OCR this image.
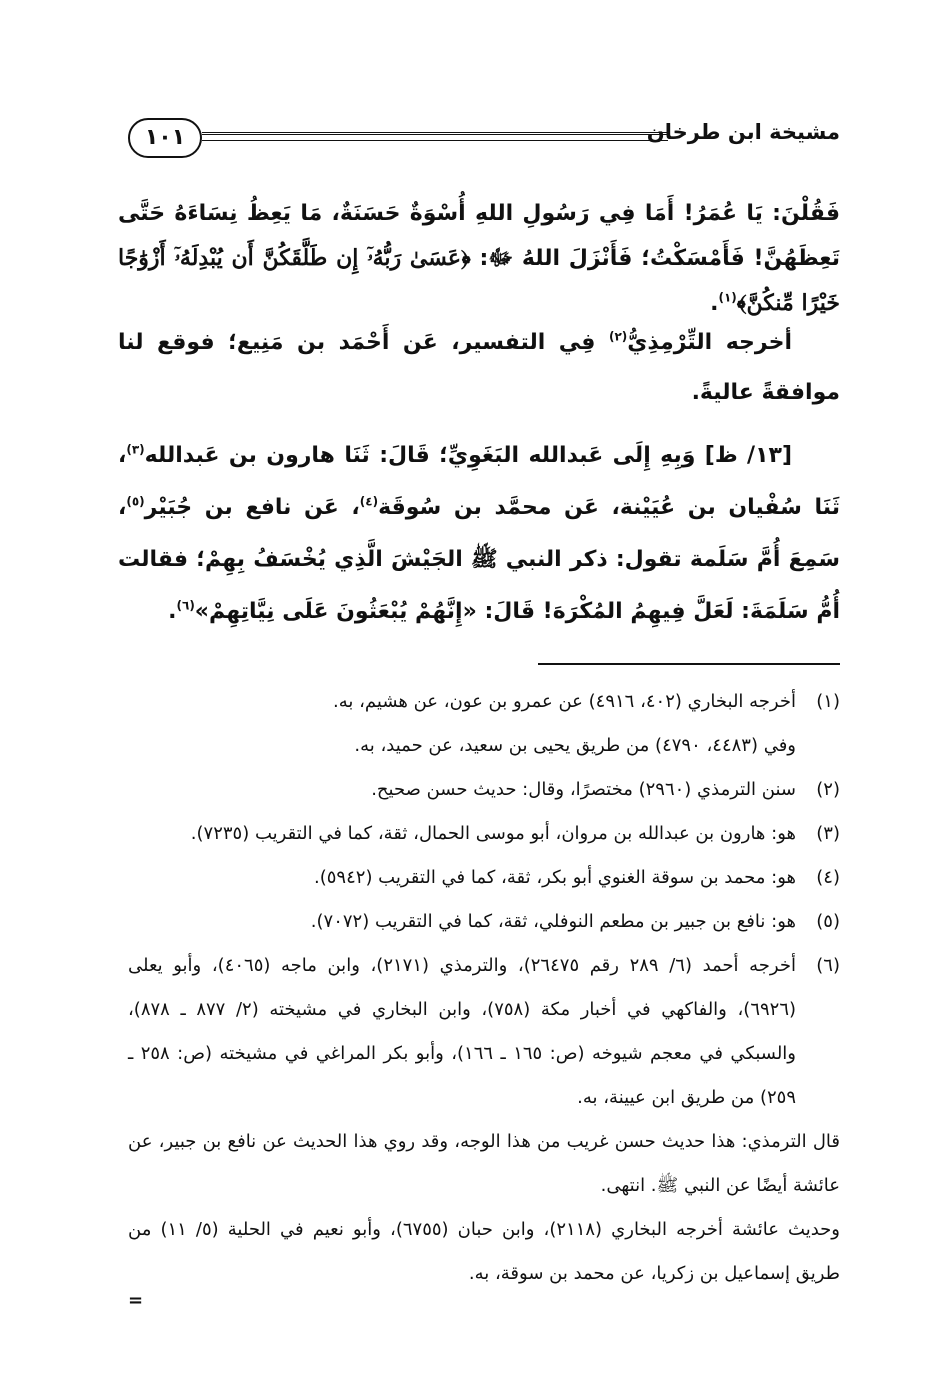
مشيخة ابن طرخان
١٠١

فَقُلْنَ: يَا عُمَرُ! أَمَا فِي رَسُولِ اللهِ أُسْوَةٌ حَسَنَةٌ، مَا يَعِظُ نِسَاءَهُ حَتَّى تَعِظَهُنَّ! فَأَمْسَكْتُ؛ فَأَنْزَلَ اللهُ ﷻ: ﴿عَسَىٰ رَبُّهُۥٓ إِن طَلَّقَكُنَّ أَن يُبْدِلَهُۥٓ أَزْوَٰجًا خَيْرًا مِّنكُنَّ﴾$^{(١)}$.

أخرجه التِّرْمِذِيُّ$^{(٢)}$ فِي التفسير، عَن أَحْمَد بن مَنِيع؛ فوقع لنا موافقةً عاليةً.

[١٣/ ظ] وَبِهِ إِلَى عَبدالله البَغَوِيِّ؛ قَالَ: ثَنَا هارون بن عَبدالله$^{(٣)}$، ثَنَا سُفْيان بن عُيَيْنة، عَن محمَّد بن سُوقَة$^{(٤)}$، عَن نافع بن جُبَيْر$^{(٥)}$، سَمِعَ أُمَّ سَلَمة تقول: ذكر النبي ﷺ الجَيْشَ الَّذِي يُخْسَفُ بِهِمْ؛ فقالت أُمُّ سَلَمَةَ: لَعَلَّ فِيهِمُ المُكْرَهَ! قَالَ: «إِنَّهُمْ يُبْعَثُونَ عَلَى نِيَّاتِهِمْ»$^{(٦)}$.

(١)
أخرجه البخاري (٤٠٢، ٤٩١٦) عن عمرو بن عون، عن هشيم، به.
وفي (٤٤٨٣، ٤٧٩٠) من طريق يحيى بن سعيد، عن حميد، به.
(٢)
سنن الترمذي (٢٩٦٠) مختصرًا، وقال: حديث حسن صحيح.
(٣)
هو: هارون بن عبدالله بن مروان، أبو موسى الحمال، ثقة، كما في التقريب (٧٢٣٥).
(٤)
هو: محمد بن سوقة الغنوي أبو بكر، ثقة، كما في التقريب (٥٩٤٢).
(٥)
هو: نافع بن جبير بن مطعم النوفلي، ثقة، كما في التقريب (٧٠٧٢).
(٦)
أخرجه أحمد (٦/ ٢٨٩ رقم ٢٦٤٧٥)، والترمذي (٢١٧١)، وابن ماجه (٤٠٦٥)، وأبو يعلى (٦٩٢٦)، والفاكهي في أخبار مكة (٧٥٨)، وابن البخاري في مشيخته (٢/ ٨٧٧ ـ ٨٧٨)، والسبكي في معجم شيوخه (ص: ١٦٥ ـ ١٦٦)، وأبو بكر المراغي في مشيخته (ص: ٢٥٨ ـ ٢٥٩) من طريق ابن عيينة، به.
قال الترمذي: هذا حديث حسن غريب من هذا الوجه، وقد روي هذا الحديث عن نافع بن جبير، عن عائشة أيضًا عن النبي ﷺ. انتهى.
وحديث عائشة أخرجه البخاري (٢١١٨)، وابن حبان (٦٧٥٥)، وأبو نعيم في الحلية (٥/ ١١) من طريق إسماعيل بن زكريا، عن محمد بن سوقة، به.
=
